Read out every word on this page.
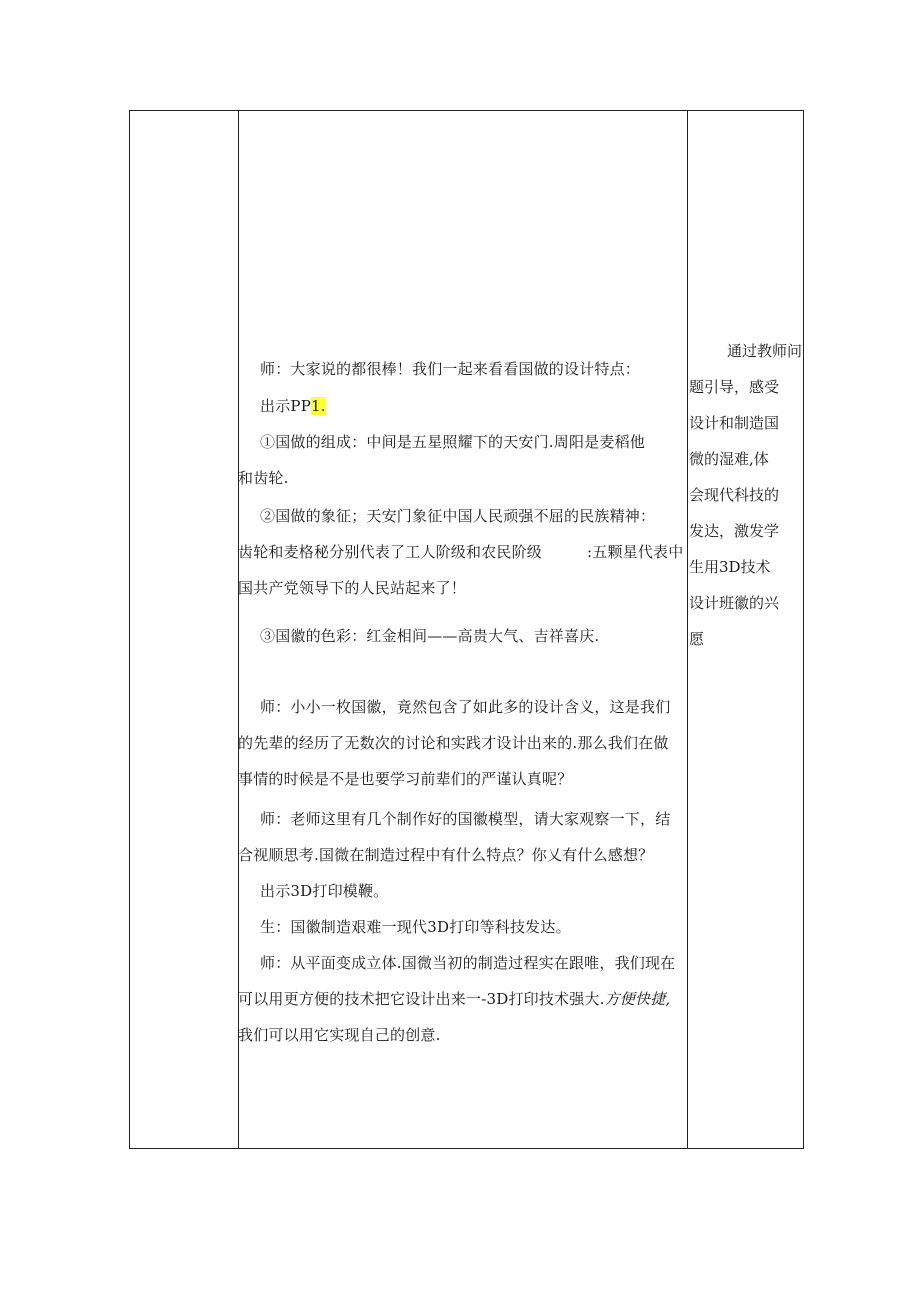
师：大家说的都很棒！我们一起来看看国做的设计特点：

出示PP1.

①国做的组成：中间是五星照耀下的天安门.周阳是麦稻他

和齿轮.

②国做的象征；天安门象征中国人民顽强不屈的民族精神：

齿轮和麦格秘分别代表了工人阶级和农民阶级	:五颗星代表中

国共产党领导下的人民站起来了！

③国徽的色彩：红金相间——高贵大气、吉祥喜庆.

师：小小一枚国徽，竟然包含了如此多的设计含义，这是我们

的先辈的经历了无数次的讨论和实践才设计出来的.那么我们在做

事情的时候是不是也要学习前辈们的严谨认真呢？

师：老师这里有几个制作好的国徽模型，请大家观察一下，结

合视顺思考.国微在制造过程中有什么特点？你乂有什么感想？

出示3D打印模鞭。

生：国徽制造艰难一现代3D打印等科技发达。

师：从平面变成立体.国微当初的制造过程实在跟唯，我们现在

可以用更方便的技术把它设计出来一-3D打印技术强大.方便快捷,

我们可以用它实现自己的创意.

通过教师问
题引导，感受
设计和制造国
微的湿难,体
会现代科技的
发达，激发学
生用3D技术
设计班徽的兴
愿
